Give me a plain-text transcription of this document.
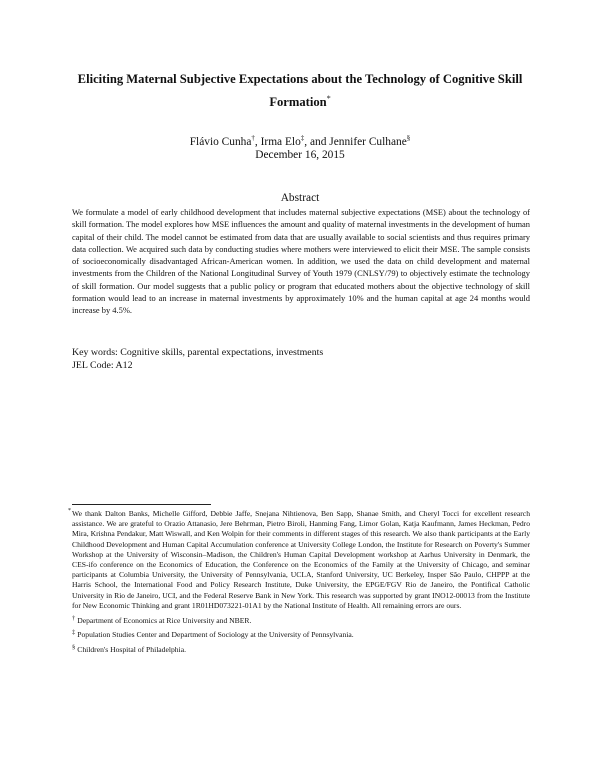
Eliciting Maternal Subjective Expectations about the Technology of Cognitive Skill Formation*
Flávio Cunha†, Irma Elo‡, and Jennifer Culhane§
December 16, 2015
Abstract
We formulate a model of early childhood development that includes maternal subjective expectations (MSE) about the technology of skill formation. The model explores how MSE influences the amount and quality of maternal investments in the development of human capital of their child. The model cannot be estimated from data that are usually available to social scientists and thus requires primary data collection. We acquired such data by conducting studies where mothers were interviewed to elicit their MSE. The sample consists of socioeconomically disadvantaged African-American women. In addition, we used the data on child development and maternal investments from the Children of the National Longitudinal Survey of Youth 1979 (CNLSY/79) to objectively estimate the technology of skill formation. Our model suggests that a public policy or program that educated mothers about the objective technology of skill formation would lead to an increase in maternal investments by approximately 10% and the human capital at age 24 months would increase by 4.5%.
Key words: Cognitive skills, parental expectations, investments
JEL Code: A12
*We thank Dalton Banks, Michelle Gifford, Debbie Jaffe, Snejana Nihtienova, Ben Sapp, Shanae Smith, and Cheryl Tocci for excellent research assistance. We are grateful to Orazio Attanasio, Jere Behrman, Pietro Biroli, Hanming Fang, Limor Golan, Katja Kaufmann, James Heckman, Pedro Mira, Krishna Pendakur, Matt Wiswall, and Ken Wolpin for their comments in different stages of this research. We also thank participants at the Early Childhood Development and Human Capital Accumulation conference at University College London, the Institute for Research on Poverty's Summer Workshop at the University of Wisconsin–Madison, the Children's Human Capital Development workshop at Aarhus University in Denmark, the CES-ifo conference on the Economics of Education, the Conference on the Economics of the Family at the University of Chicago, and seminar participants at Columbia University, the University of Pennsylvania, UCLA, Stanford University, UC Berkeley, Insper São Paulo, CHPPP at the Harris School, the International Food and Policy Research Institute, Duke University, the EPGE/FGV Rio de Janeiro, the Pontifical Catholic University in Rio de Janeiro, UCI, and the Federal Reserve Bank in New York. This research was supported by grant INO12-00013 from the Institute for New Economic Thinking and grant 1R01HD073221-01A1 by the National Institute of Health. All remaining errors are ours.
† Department of Economics at Rice University and NBER.
‡ Population Studies Center and Department of Sociology at the University of Pennsylvania.
§ Children's Hospital of Philadelphia.
